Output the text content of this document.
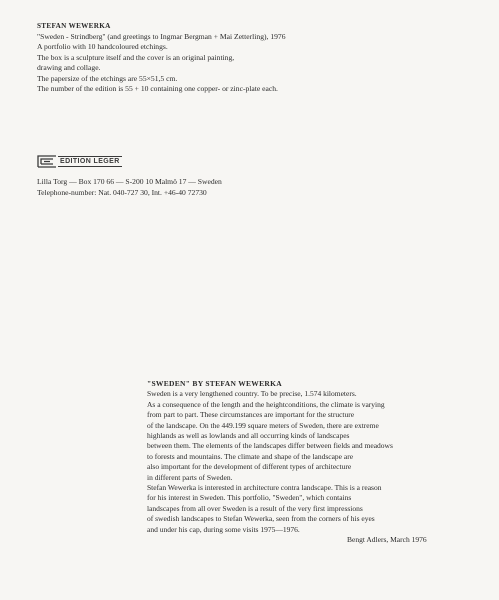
STEFAN WEWERKA
"Sweden - Strindberg" (and greetings to Ingmar Bergman + Mai Zetterling), 1976
A portfolio with 10 handcoloured etchings.
The box is a sculpture itself and the cover is an original painting,
drawing and collage.
The papersize of the etchings are 55×51,5 cm.
The number of the edition is 55 + 10 containing one copper- or zinc-plate each.
EDITION LEGER
Lilla Torg — Box 170 66 — S-200 10 Malmö 17 — Sweden
Telephone-number: Nat. 040-727 30, Int. +46-40 72730
"SWEDEN" BY STEFAN WEWERKA
Sweden is a very lengthened country. To be precise, 1.574 kilometers.
As a consequence of the length and the heightconditions, the climate is varying
from part to part. These circumstances are important for the structure
of the landscape. On the 449.199 square meters of Sweden, there are extreme
highlands as well as lowlands and all occurring kinds of landscapes
between them. The elements of the landscapes differ between fields and meadows
to forests and mountains. The climate and shape of the landscape are
also important for the development of different types of architecture
in different parts of Sweden.
Stefan Wewerka is interested in architecture contra landscape. This is a reason
for his interest in Sweden. This portfolio, "Sweden", which contains
landscapes from all over Sweden is a result of the very first impressions
of swedish landscapes to Stefan Wewerka, seen from the corners of his eyes
and under his cap, during some visits 1975—1976.
Bengt Adlers, March 1976
